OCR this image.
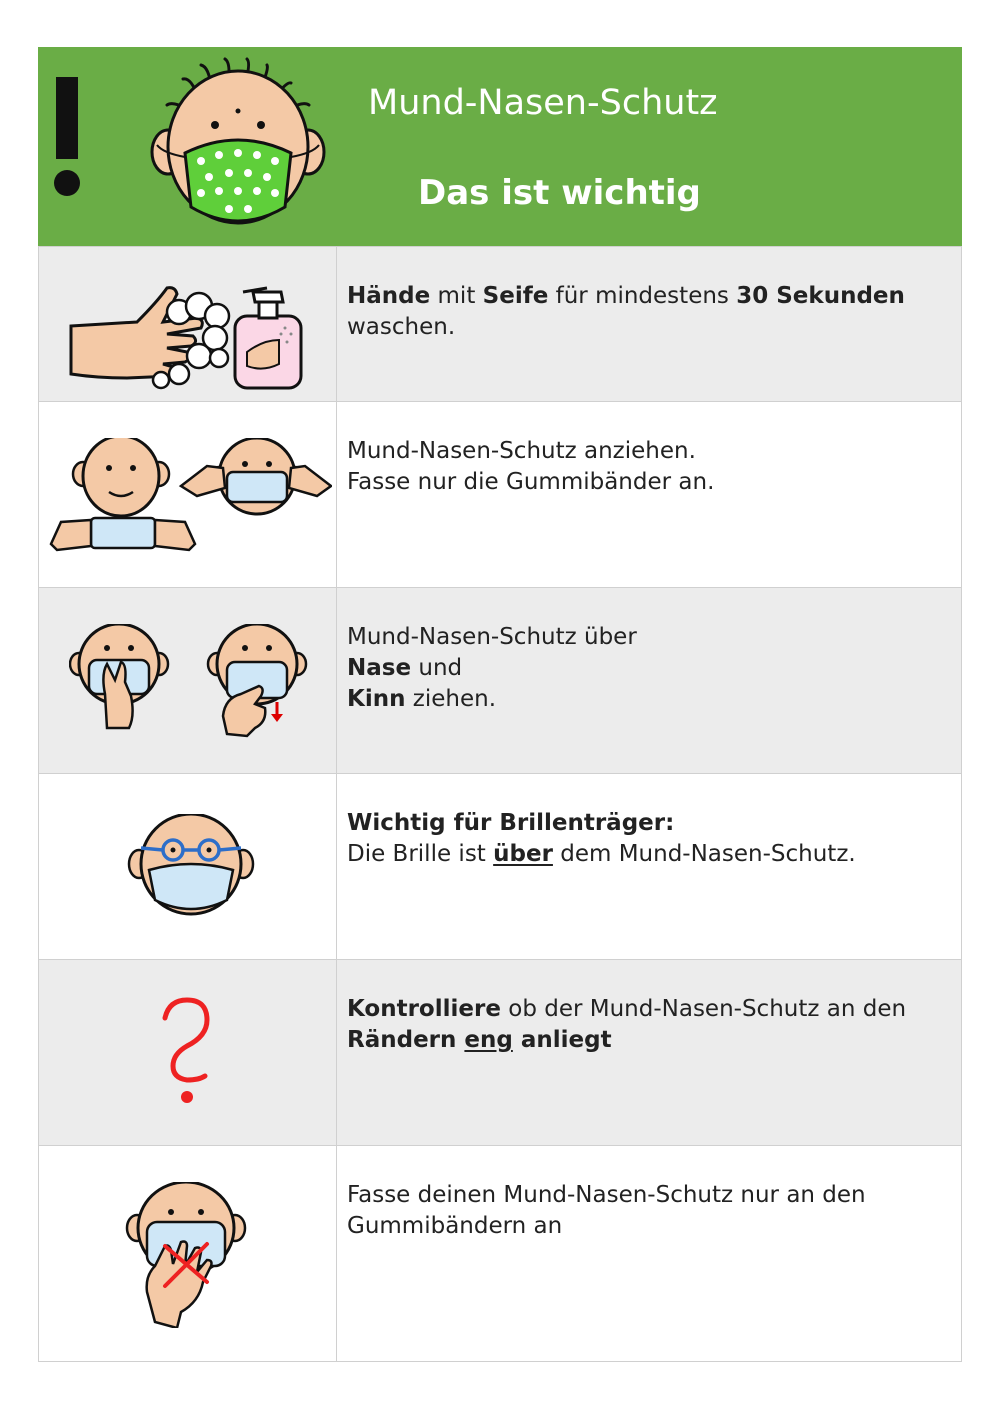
Mund-Nasen-Schutz
Das ist wichtig
	Hände mit Seife für mindestens 30 Sekunden
waschen.

	Mund-Nasen-Schutz anziehen.
Fasse nur die Gummibänder an.

	Mund-Nasen-Schutz über
Nase und
Kinn ziehen.

	Wichtig für Brillenträger:
Die Brille ist über dem Mund-Nasen-Schutz.

	Kontrolliere ob der Mund-Nasen-Schutz an den
Rändern eng anliegt

	Fasse deinen Mund-Nasen-Schutz nur an den
Gummibändern an
